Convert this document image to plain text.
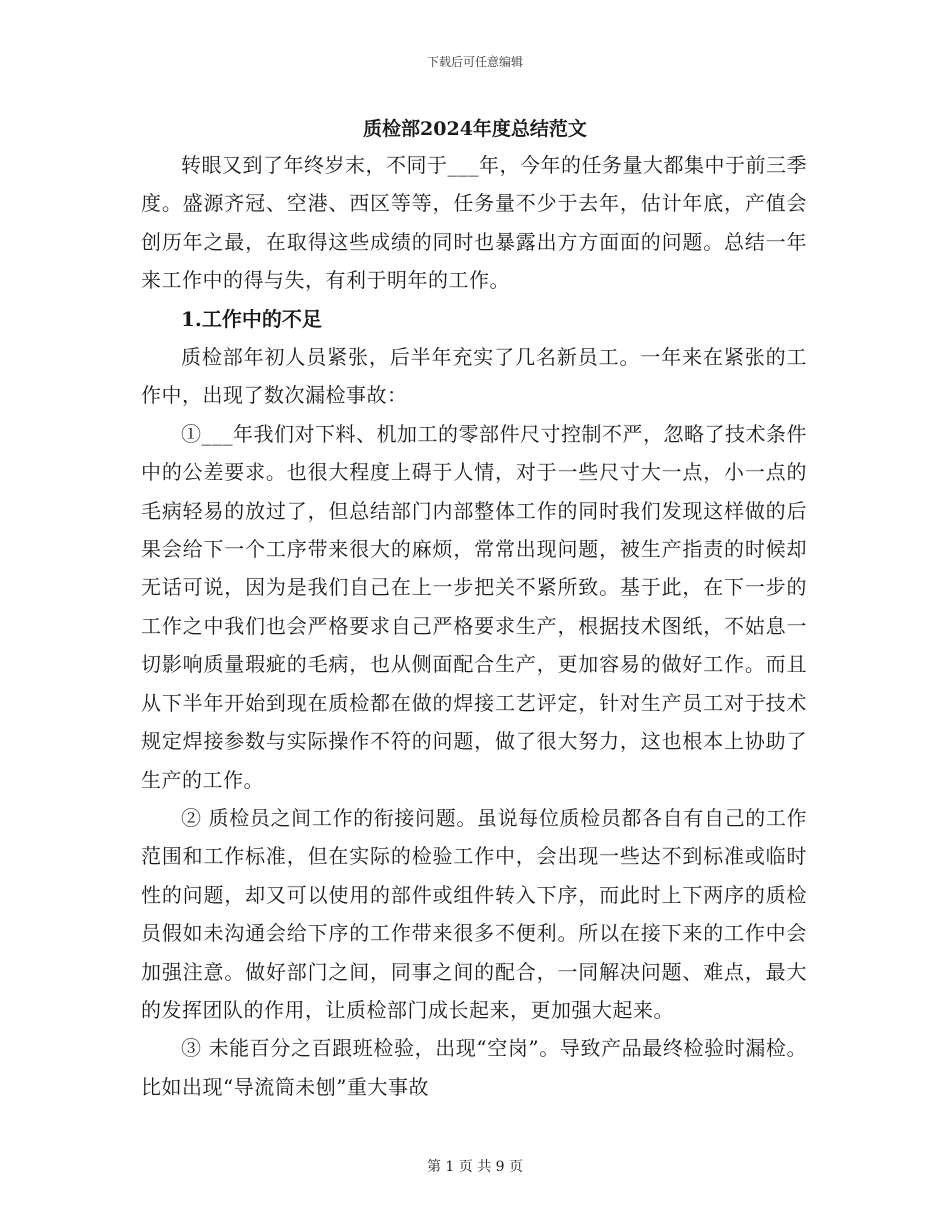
下载后可任意编辑
质检部2024年度总结范文

转眼又到了年终岁末，不同于___年，今年的任务量大都集中于前三季度。盛源齐冠、空港、西区等等，任务量不少于去年，估计年底，产值会创历年之最，在取得这些成绩的同时也暴露出方方面面的问题。总结一年来工作中的得与失，有利于明年的工作。

1.工作中的不足

质检部年初人员紧张，后半年充实了几名新员工。一年来在紧张的工作中，出现了数次漏检事故：

①___年我们对下料、机加工的零部件尺寸控制不严，忽略了技术条件中的公差要求。也很大程度上碍于人情，对于一些尺寸大一点，小一点的毛病轻易的放过了，但总结部门内部整体工作的同时我们发现这样做的后果会给下一个工序带来很大的麻烦，常常出现问题，被生产指责的时候却无话可说，因为是我们自己在上一步把关不紧所致。基于此，在下一步的工作之中我们也会严格要求自己严格要求生产，根据技术图纸，不姑息一切影响质量瑕疵的毛病，也从侧面配合生产，更加容易的做好工作。而且从下半年开始到现在质检都在做的焊接工艺评定，针对生产员工对于技术规定焊接参数与实际操作不符的问题，做了很大努力，这也根本上协助了生产的工作。

② 质检员之间工作的衔接问题。虽说每位质检员都各自有自己的工作范围和工作标准，但在实际的检验工作中，会出现一些达不到标准或临时性的问题，却又可以使用的部件或组件转入下序，而此时上下两序的质检员假如未沟通会给下序的工作带来很多不便利。所以在接下来的工作中会加强注意。做好部门之间，同事之间的配合，一同解决问题、难点，最大的发挥团队的作用，让质检部门成长起来，更加强大起来。

③ 未能百分之百跟班检验，出现“空岗”。导致产品最终检验时漏检。比如出现“导流筒未刨”重大事故

第 1 页 共 9 页
